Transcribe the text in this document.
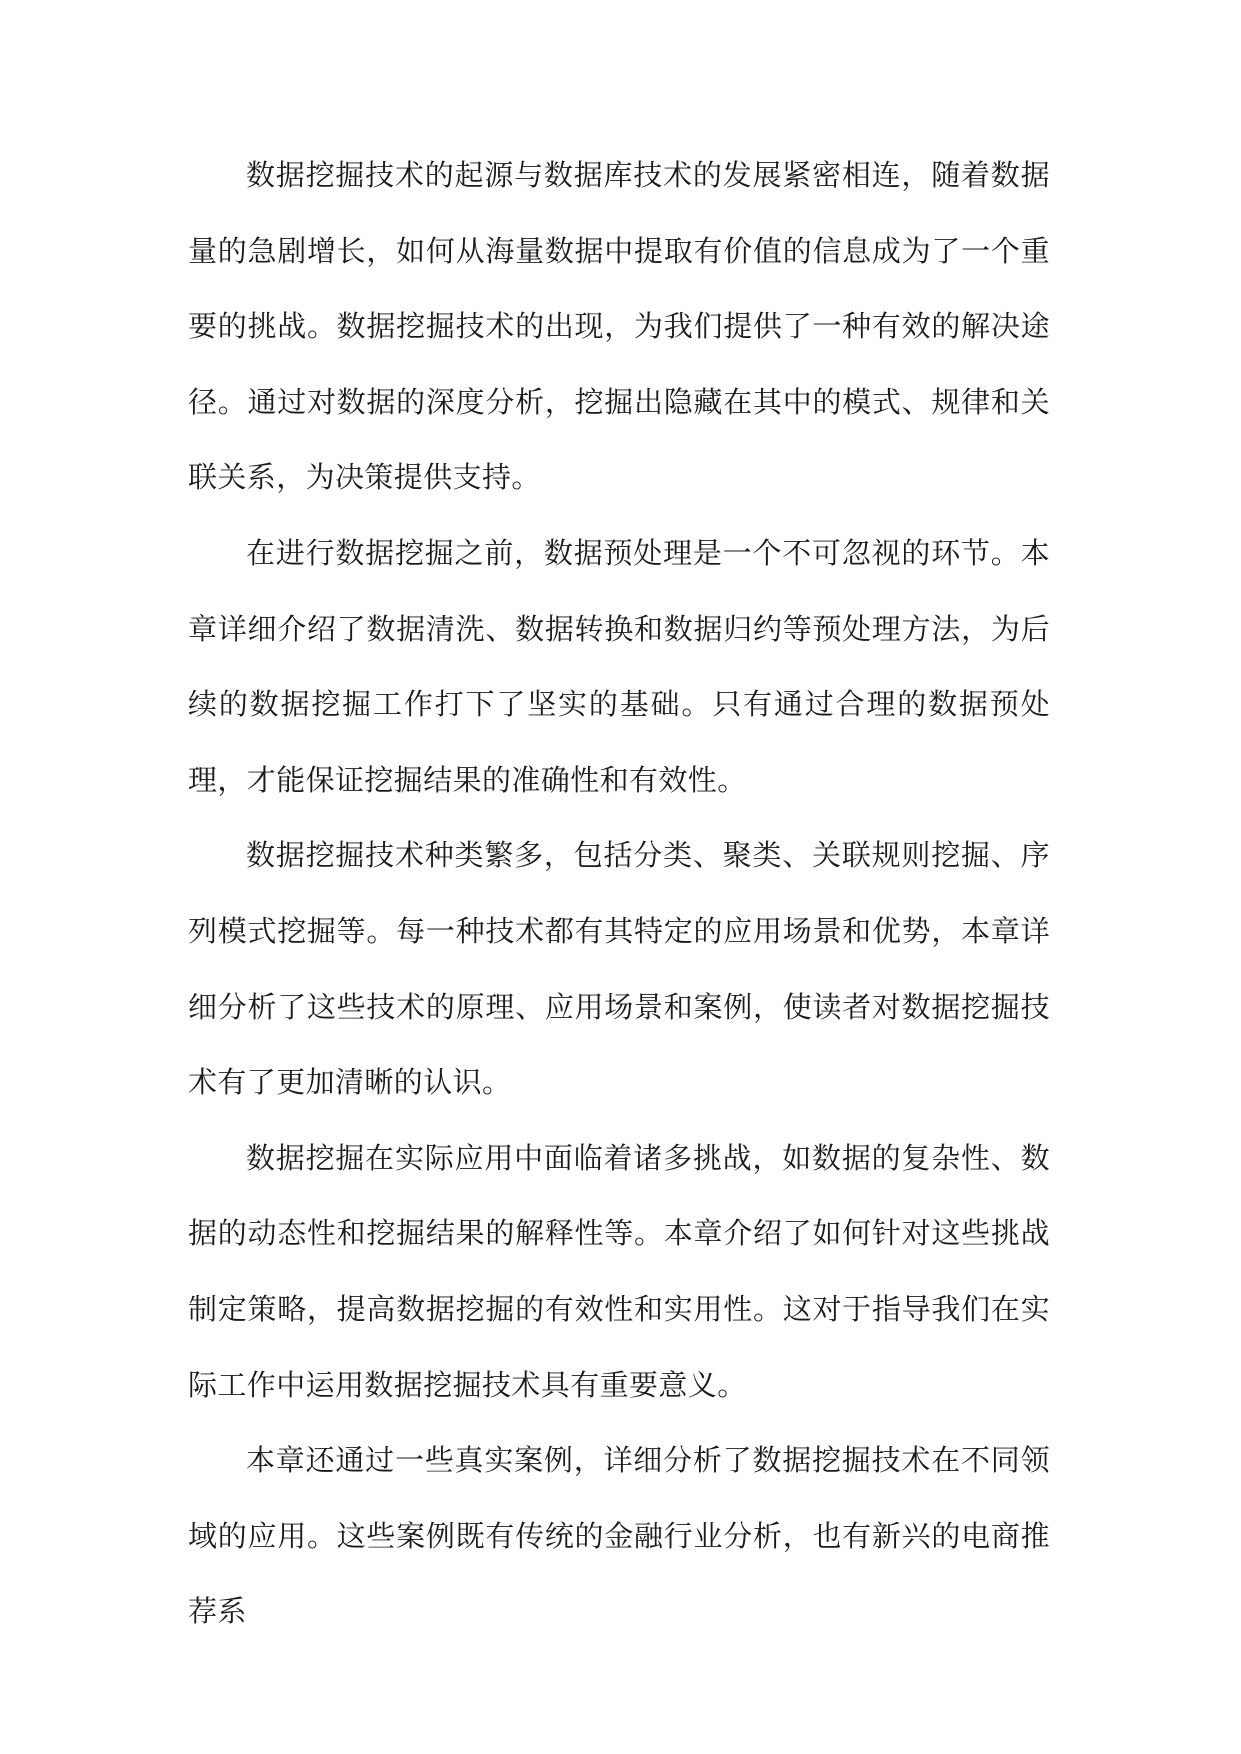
数据挖掘技术的起源与数据库技术的发展紧密相连，随着数据量的急剧增长，如何从海量数据中提取有价值的信息成为了一个重要的挑战。数据挖掘技术的出现，为我们提供了一种有效的解决途径。通过对数据的深度分析，挖掘出隐藏在其中的模式、规律和关联关系，为决策提供支持。

在进行数据挖掘之前，数据预处理是一个不可忽视的环节。本章详细介绍了数据清洗、数据转换和数据归约等预处理方法，为后续的数据挖掘工作打下了坚实的基础。只有通过合理的数据预处理，才能保证挖掘结果的准确性和有效性。

数据挖掘技术种类繁多，包括分类、聚类、关联规则挖掘、序列模式挖掘等。每一种技术都有其特定的应用场景和优势，本章详细分析了这些技术的原理、应用场景和案例，使读者对数据挖掘技术有了更加清晰的认识。

数据挖掘在实际应用中面临着诸多挑战，如数据的复杂性、数据的动态性和挖掘结果的解释性等。本章介绍了如何针对这些挑战制定策略，提高数据挖掘的有效性和实用性。这对于指导我们在实际工作中运用数据挖掘技术具有重要意义。

本章还通过一些真实案例，详细分析了数据挖掘技术在不同领域的应用。这些案例既有传统的金融行业分析，也有新兴的电商推荐系
